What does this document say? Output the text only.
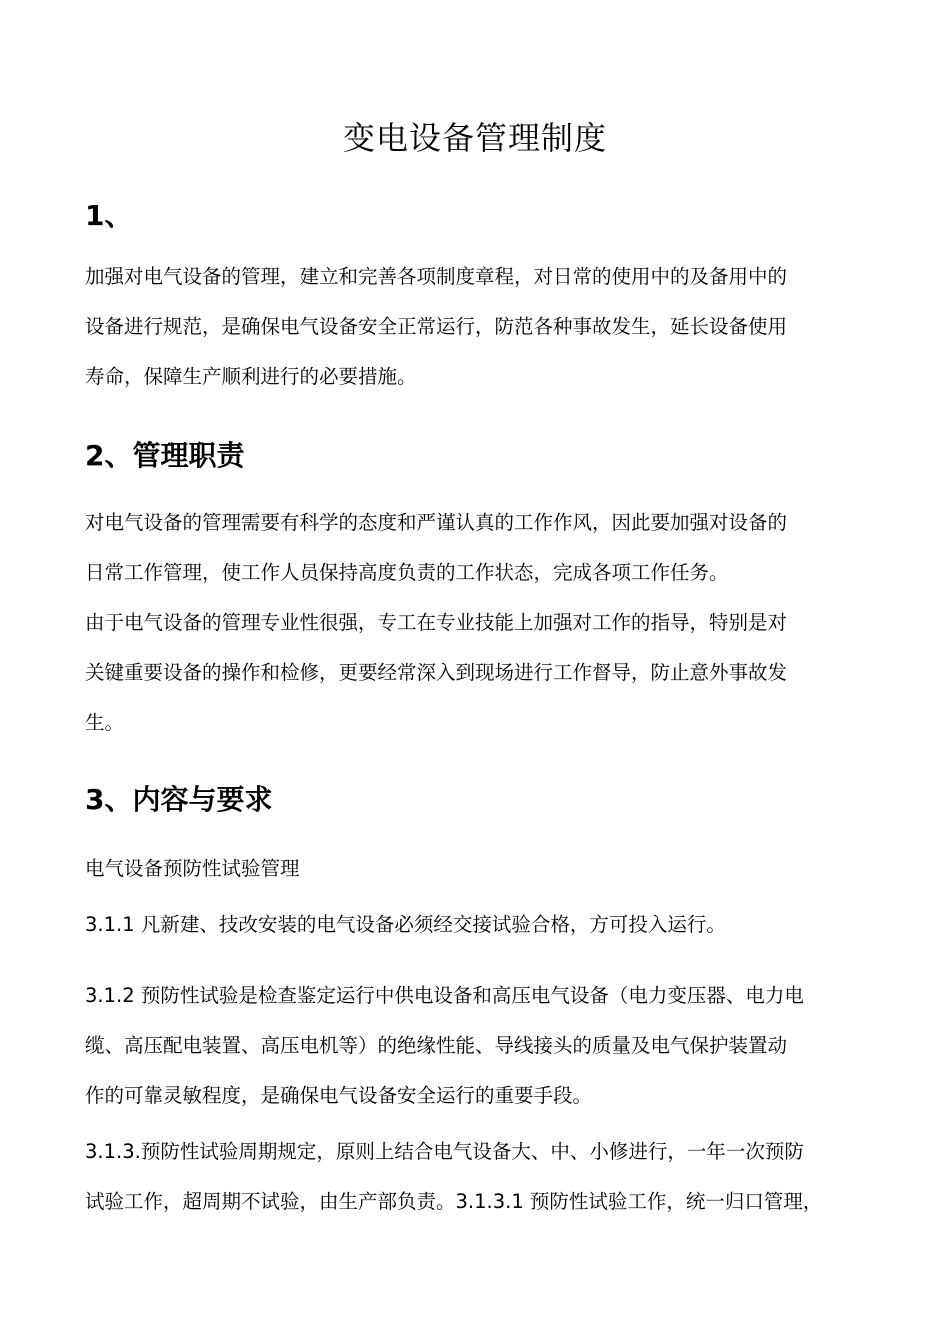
变电设备管理制度
1、

加强对电气设备的管理，建立和完善各项制度章程，对日常的使用中的及备用中的
设备进行规范，是确保电气设备安全正常运行，防范各种事故发生，延长设备使用
寿命，保障生产顺利进行的必要措施。

2、管理职责

对电气设备的管理需要有科学的态度和严谨认真的工作作风，因此要加强对设备的
日常工作管理，使工作人员保持高度负责的工作状态，完成各项工作任务。
由于电气设备的管理专业性很强，专工在专业技能上加强对工作的指导，特别是对
关键重要设备的操作和检修，更要经常深入到现场进行工作督导，防止意外事故发
生。

3、内容与要求

电气设备预防性试验管理

3.1.1 凡新建、技改安装的电气设备必须经交接试验合格，方可投入运行。

3.1.2 预防性试验是检查鉴定运行中供电设备和高压电气设备（电力变压器、电力电
缆、高压配电装置、高压电机等）的绝缘性能、导线接头的质量及电气保护装置动
作的可靠灵敏程度，是确保电气设备安全运行的重要手段。

3.1.3.预防性试验周期规定，原则上结合电气设备大、中、小修进行，一年一次预防
试验工作，超周期不试验，由生产部负责。3.1.3.1 预防性试验工作，统一归口管理，
